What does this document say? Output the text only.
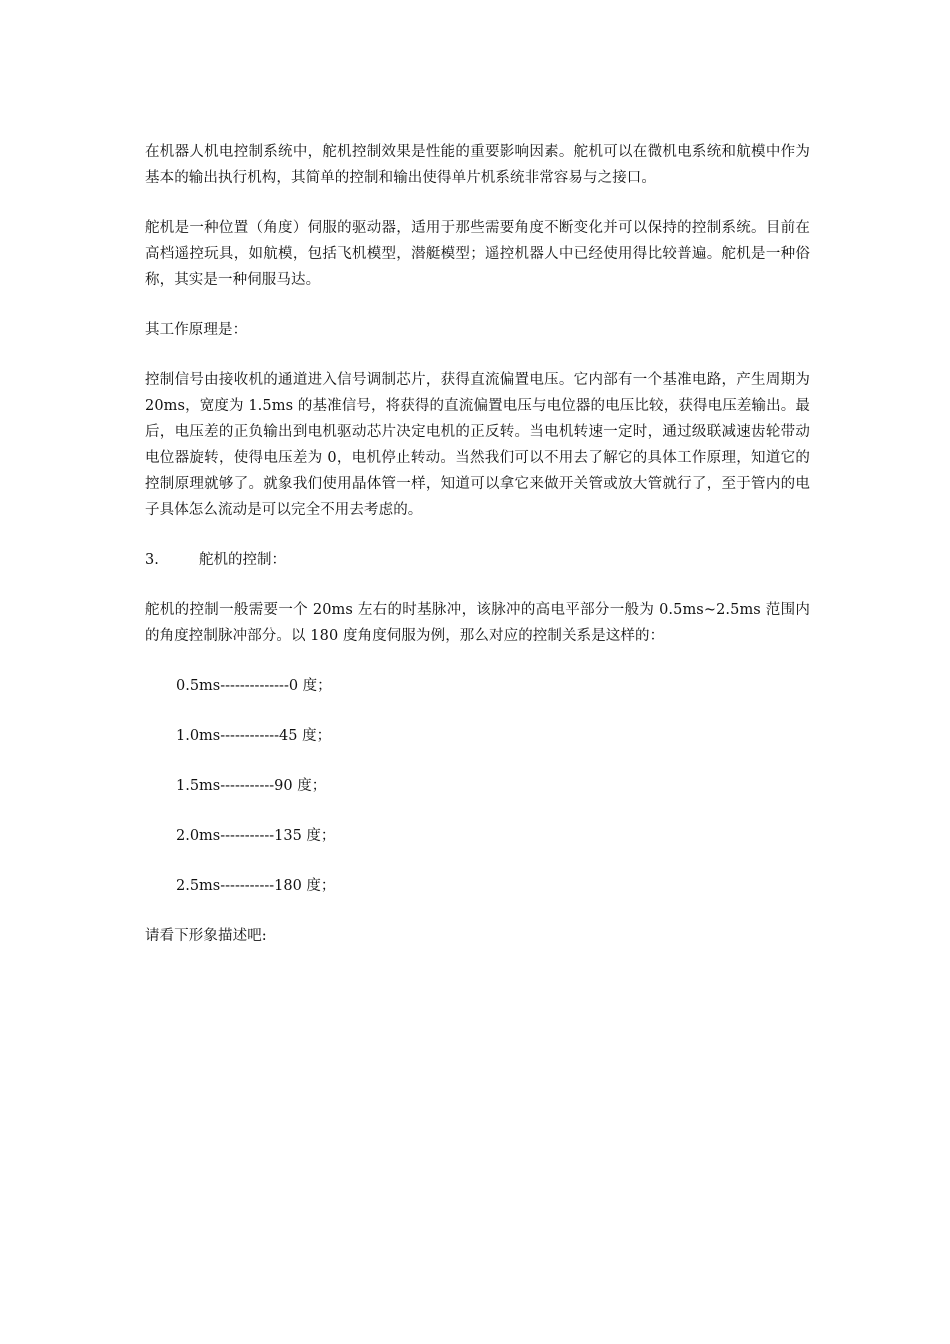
在机器人机电控制系统中，舵机控制效果是性能的重要影响因素。舵机可以在微机电系统和航模中作为基本的输出执行机构，其简单的控制和输出使得单片机系统非常容易与之接口。

舵机是一种位置（角度）伺服的驱动器，适用于那些需要角度不断变化并可以保持的控制系统。目前在高档遥控玩具，如航模，包括飞机模型，潜艇模型；遥控机器人中已经使用得比较普遍。舵机是一种俗称，其实是一种伺服马达。

其工作原理是：

控制信号由接收机的通道进入信号调制芯片，获得直流偏置电压。它内部有一个基准电路，产生周期为 20ms，宽度为 1.5ms 的基准信号，将获得的直流偏置电压与电位器的电压比较，获得电压差输出。最后，电压差的正负输出到电机驱动芯片决定电机的正反转。当电机转速一定时，通过级联减速齿轮带动电位器旋转，使得电压差为 0，电机停止转动。当然我们可以不用去了解它的具体工作原理，知道它的控制原理就够了。就象我们使用晶体管一样，知道可以拿它来做开关管或放大管就行了，至于管内的电子具体怎么流动是可以完全不用去考虑的。

3.	舵机的控制：

舵机的控制一般需要一个 20ms 左右的时基脉冲，该脉冲的高电平部分一般为 0.5ms~2.5ms 范围内的角度控制脉冲部分。以 180 度角度伺服为例，那么对应的控制关系是这样的：

0.5ms--------------0 度；
1.0ms------------45 度；
1.5ms-----------90 度；
2.0ms-----------135 度；
2.5ms-----------180 度；

请看下形象描述吧:
